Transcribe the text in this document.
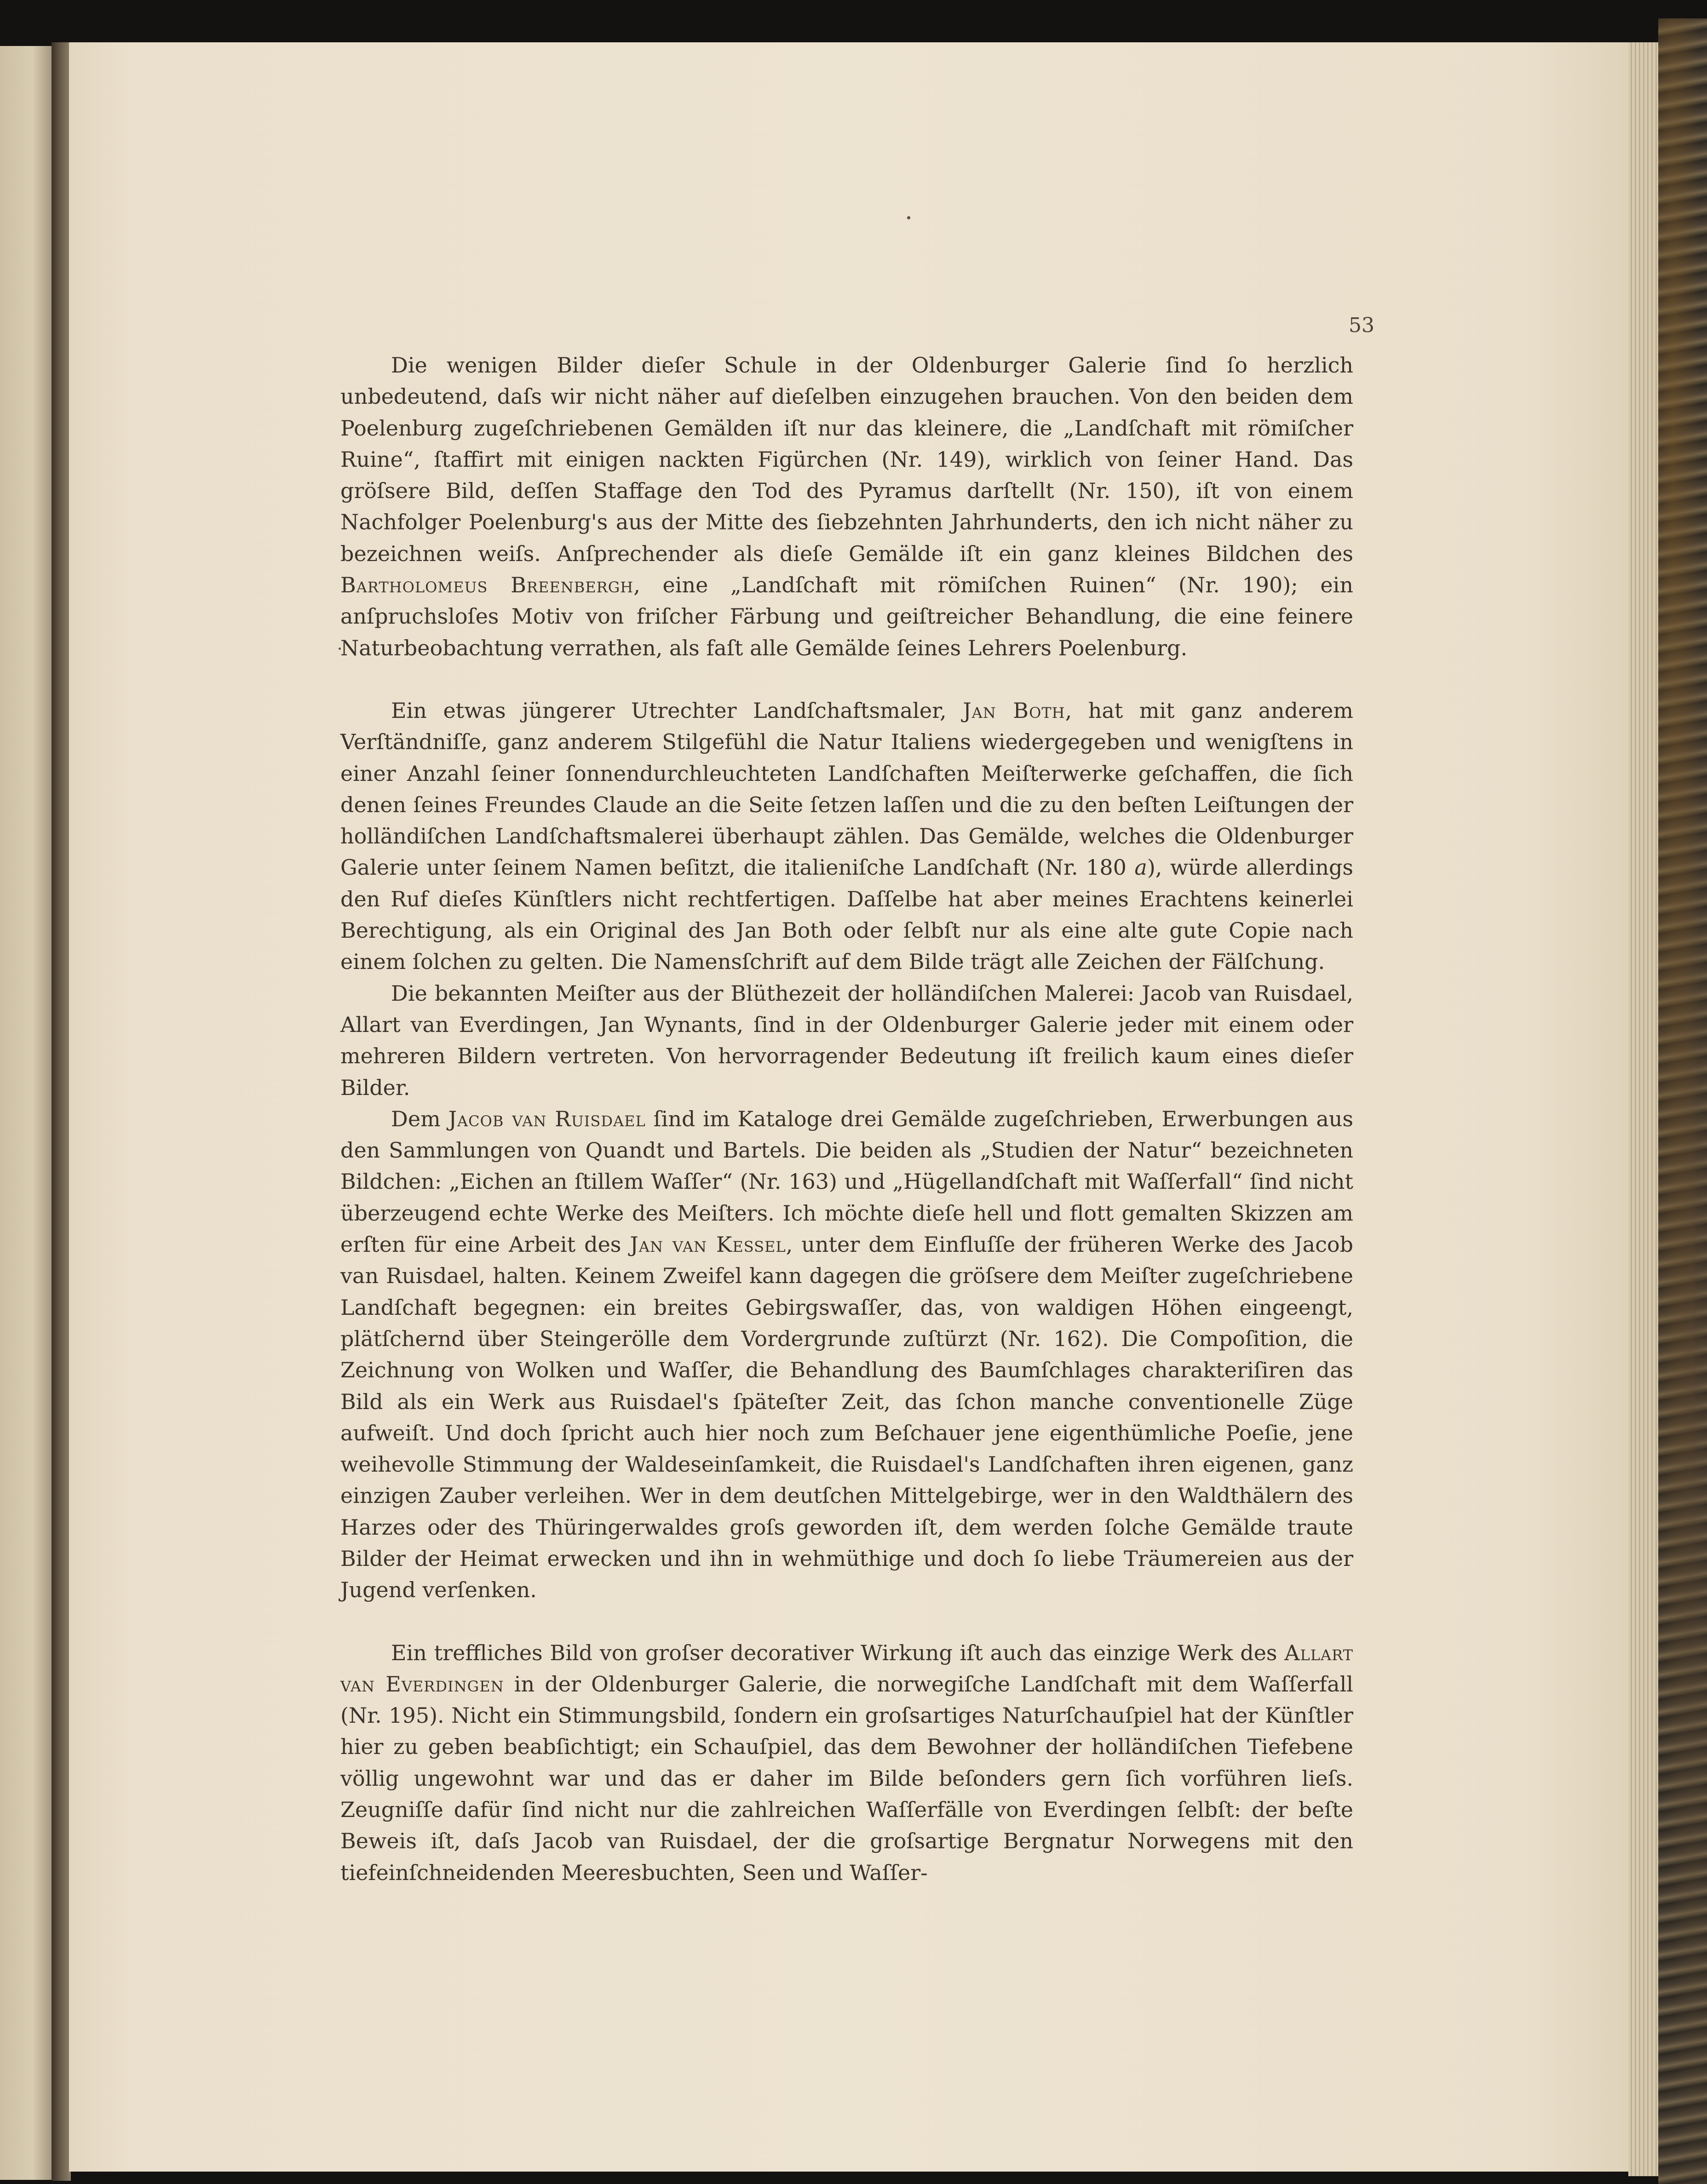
53

Die wenigen Bilder dieſer Schule in der Oldenburger Galerie ſind ſo herzlich unbedeutend, daſs wir nicht näher auf dieſelben einzugehen brauchen. Von den beiden dem Poelenburg zugeſchriebenen Gemälden iſt nur das kleinere, die „Landſchaft mit römiſcher Ruine“, ſtaffirt mit einigen nackten Figürchen (Nr. 149), wirklich von ſeiner Hand. Das gröſsere Bild, deſſen Staffage den Tod des Pyramus darſtellt (Nr. 150), iſt von einem Nachfolger Poelenburg's aus der Mitte des ſiebzehnten Jahrhunderts, den ich nicht näher zu bezeichnen weiſs. Anſprechender als dieſe Gemälde iſt ein ganz kleines Bildchen des Bartholomeus Breenbergh, eine „Landſchaft mit römiſchen Ruinen“ (Nr. 190); ein anſpruchsloſes Motiv von friſcher Färbung und geiſtreicher Behandlung, die eine feinere Naturbeobachtung verrathen, als faſt alle Gemälde ſeines Lehrers Poelenburg.

Ein etwas jüngerer Utrechter Landſchaftsmaler, Jan Both, hat mit ganz anderem Verſtändniſſe, ganz anderem Stilgefühl die Natur Italiens wiedergegeben und wenigſtens in einer Anzahl ſeiner ſonnendurchleuchteten Landſchaften Meiſterwerke geſchaffen, die ſich denen ſeines Freundes Claude an die Seite ſetzen laſſen und die zu den beſten Leiſtungen der holländiſchen Landſchaftsmalerei überhaupt zählen. Das Gemälde, welches die Oldenburger Galerie unter ſeinem Namen beſitzt, die italieniſche Landſchaft (Nr. 180 a), würde allerdings den Ruf dieſes Künſtlers nicht rechtfertigen. Daſſelbe hat aber meines Erachtens keinerlei Berechtigung, als ein Original des Jan Both oder ſelbſt nur als eine alte gute Copie nach einem ſolchen zu gelten. Die Namensſchrift auf dem Bilde trägt alle Zeichen der Fälſchung.

Die bekannten Meiſter aus der Blüthezeit der holländiſchen Malerei: Jacob van Ruisdael, Allart van Everdingen, Jan Wynants, ſind in der Oldenburger Galerie jeder mit einem oder mehreren Bildern vertreten. Von hervorragender Bedeutung iſt freilich kaum eines dieſer Bilder.

Dem Jacob van Ruisdael ſind im Kataloge drei Gemälde zugeſchrieben, Erwerbungen aus den Sammlungen von Quandt und Bartels. Die beiden als „Studien der Natur“ bezeichneten Bildchen: „Eichen an ſtillem Waſſer“ (Nr. 163) und „Hügellandſchaft mit Waſſerfall“ ſind nicht überzeugend echte Werke des Meiſters. Ich möchte dieſe hell und flott gemalten Skizzen am erſten für eine Arbeit des Jan van Kessel, unter dem Einfluſſe der früheren Werke des Jacob van Ruisdael, halten. Keinem Zweifel kann dagegen die gröſsere dem Meiſter zugeſchriebene Landſchaft begegnen: ein breites Gebirgswaſſer, das, von waldigen Höhen eingeengt, plätſchernd über Steingerölle dem Vordergrunde zuſtürzt (Nr. 162). Die Compoſition, die Zeichnung von Wolken und Waſſer, die Behandlung des Baumſchlages charakteriſiren das Bild als ein Werk aus Ruisdael's ſpäteſter Zeit, das ſchon manche conventionelle Züge aufweiſt. Und doch ſpricht auch hier noch zum Beſchauer jene eigenthümliche Poeſie, jene weihevolle Stimmung der Waldeseinſamkeit, die Ruisdael's Landſchaften ihren eigenen, ganz einzigen Zauber verleihen. Wer in dem deutſchen Mittelgebirge, wer in den Waldthälern des Harzes oder des Thüringerwaldes groſs geworden iſt, dem werden ſolche Gemälde traute Bilder der Heimat erwecken und ihn in wehmüthige und doch ſo liebe Träumereien aus der Jugend verſenken.

Ein treffliches Bild von groſser decorativer Wirkung iſt auch das einzige Werk des Allart van Everdingen in der Oldenburger Galerie, die norwegiſche Landſchaft mit dem Waſſerfall (Nr. 195). Nicht ein Stimmungsbild, ſondern ein groſsartiges Naturſchauſpiel hat der Künſtler hier zu geben beabſichtigt; ein Schauſpiel, das dem Bewohner der holländiſchen Tiefebene völlig ungewohnt war und das er daher im Bilde beſonders gern ſich vorführen lieſs. Zeugniſſe dafür ſind nicht nur die zahlreichen Waſſerfälle von Everdingen ſelbſt: der beſte Beweis iſt, daſs Jacob van Ruisdael, der die groſsartige Bergnatur Norwegens mit den tiefeinſchneidenden Meeresbuchten, Seen und Waſſer-
